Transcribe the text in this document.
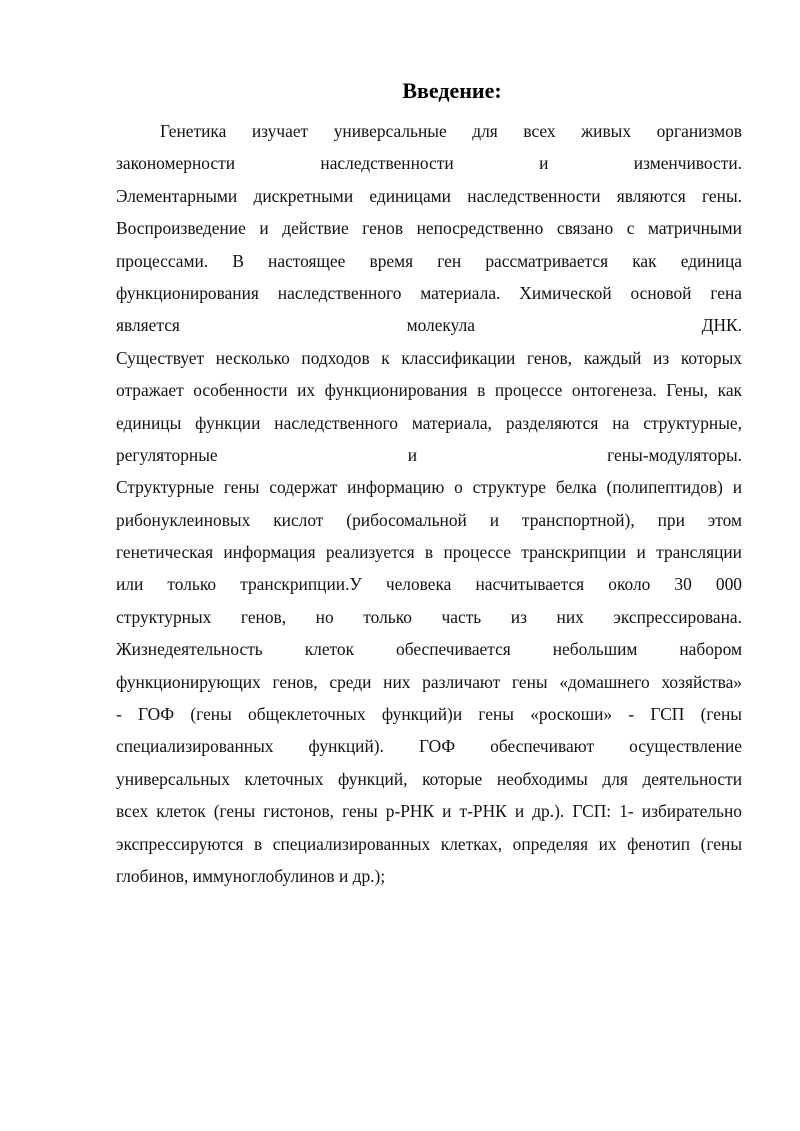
Введение:
Генетика изучает универсальные для всех живых организмов
закономерности наследственности и изменчивости.
Элементарными дискретными единицами наследственности являются гены.
Воспроизведение и действие генов непосредственно связано с матричными
процессами. В настоящее время ген рассматривается как единица
функционирования наследственного материала. Химической основой гена
является молекула ДНК.
Существует несколько подходов к классификации генов, каждый из которых
отражает особенности их функционирования в процессе онтогенеза. Гены, как
единицы функции наследственного материала, разделяются на структурные,
регуляторные и гены-модуляторы.
Структурные гены содержат информацию о структуре белка (полипептидов) и
рибонуклеиновых кислот (рибосомальной и транспортной), при этом
генетическая информация реализуется в процессе транскрипции и трансляции
или только транскрипции.У человека насчитывается около 30 000
структурных генов, но только часть из них экспрессирована.
Жизнедеятельность клеток обеспечивается небольшим набором
функционирующих генов, среди них различают гены «домашнего хозяйства»
- ГОФ (гены общеклеточных функций)и гены «роскоши» - ГСП (гены
специализированных функций). ГОФ обеспечивают осуществление
универсальных клеточных функций, которые необходимы для деятельности
всех клеток (гены гистонов, гены р-РНК и т-РНК и др.). ГСП: 1- избирательно
экспрессируются в специализированных клетках, определяя их фенотип (гены
глобинов, иммуноглобулинов и др.);
